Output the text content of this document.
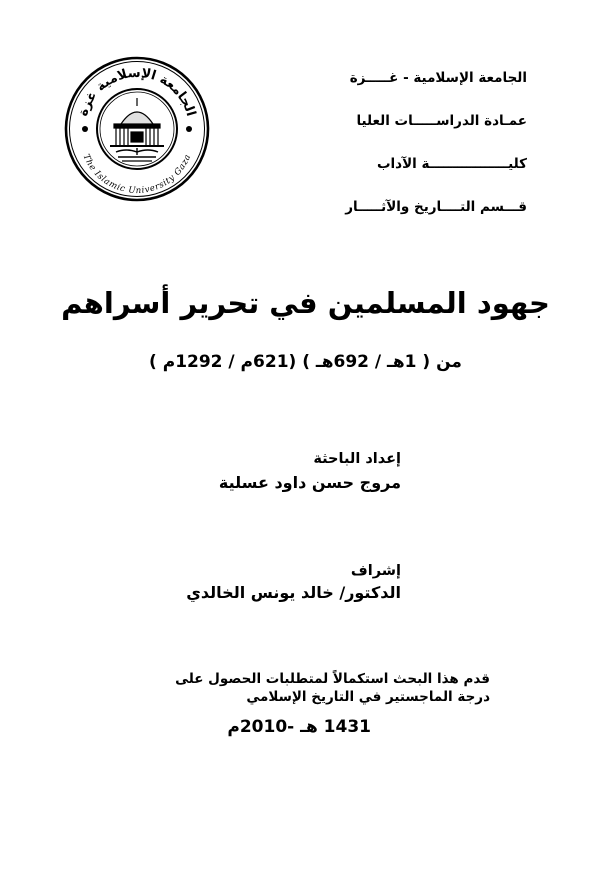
الجامعة الإسلامية - غـــــزة
عمـادة الدراســـــات العليا
كليـــــــــــــــــة الآداب
قـــسم التــــاريخ والآثـــــار
الجامعة الإسلامية غزة
The Islamic University Gaza
جهود المسلمين في تحرير أسراهم
من ( 1هـ / 692هـ ) (621م / 1292م )
إعداد الباحثة
مروج حسن داود عسلية
إشراف
الدكتور/ خالد يونس الخالدي
قدم هذا البحث استكمالاً لمتطلبات الحصول على درجة الماجستير في التاريخ الإسلامي
1431 هـ -2010م
